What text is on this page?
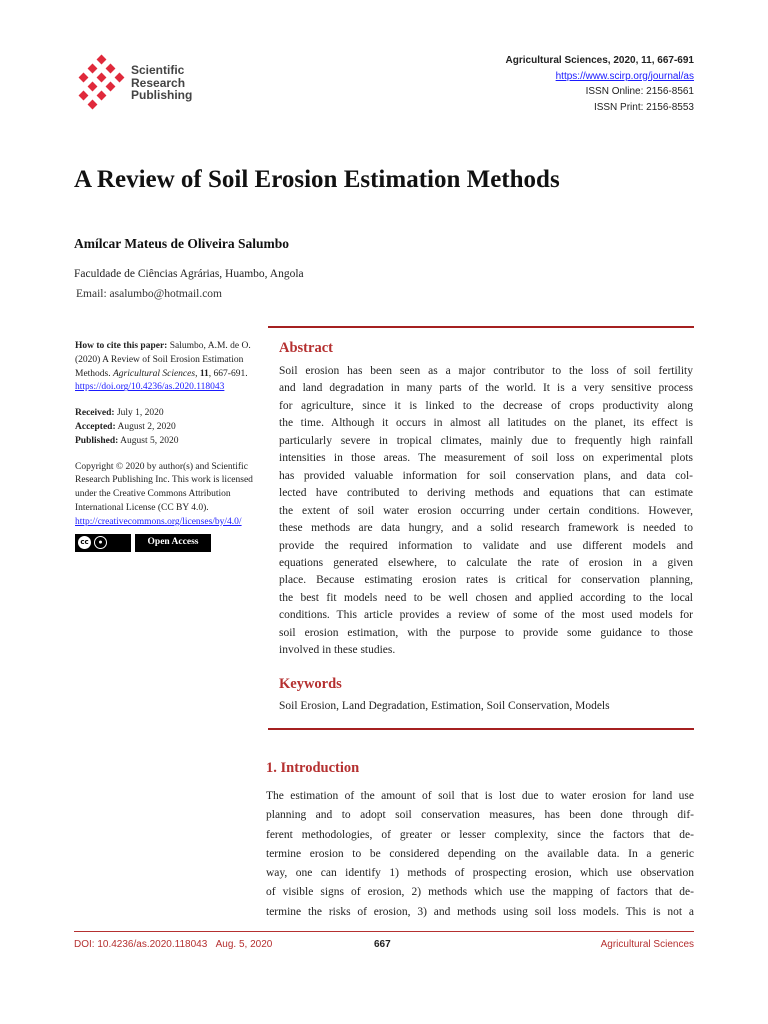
Scientific
Research
Publishing
Agricultural Sciences, 2020, 11, 667-691
https://www.scirp.org/journal/as
ISSN Online: 2156-8561
ISSN Print: 2156-8553
A Review of Soil Erosion Estimation Methods
Amílcar Mateus de Oliveira Salumbo
Faculdade de Ciências Agrárias, Huambo, Angola
Email: asalumbo@hotmail.com
How to cite this paper: Salumbo, A.M. de O. (2020) A Review of Soil Erosion Estimation Methods. Agricultural Sciences, 11, 667-691.
https://doi.org/10.4236/as.2020.118043
Received: July 1, 2020
Accepted: August 2, 2020
Published: August 5, 2020
Copyright © 2020 by author(s) and Scientific Research Publishing Inc. This work is licensed under the Creative Commons Attribution International License (CC BY 4.0).
http://creativecommons.org/licenses/by/4.0/
cc	●	Open Access
Abstract
Soil erosion has been seen as a major contributor to the loss of soil fertility
and land degradation in many parts of the world. It is a very sensitive process
for agriculture, since it is linked to the decrease of crops productivity along
the time. Although it occurs in almost all latitudes on the planet, its effect is
particularly severe in tropical climates, mainly due to frequently high rainfall
intensities in those areas. The measurement of soil loss on experimental plots
has provided valuable information for soil conservation plans, and data col-
lected have contributed to deriving methods and equations that can estimate
the extent of soil water erosion occurring under certain conditions. However,
these methods are data hungry, and a solid research framework is needed to
provide the required information to validate and use different models and
equations generated elsewhere, to calculate the rate of erosion in a given
place. Because estimating erosion rates is critical for conservation planning,
the best fit models need to be well chosen and applied according to the local
conditions. This article provides a review of some of the most used models for
soil erosion estimation, with the purpose to provide some guidance to those
involved in these studies.
Keywords
Soil Erosion, Land Degradation, Estimation, Soil Conservation, Models
1. Introduction
The estimation of the amount of soil that is lost due to water erosion for land use
planning and to adopt soil conservation measures, has been done through dif-
ferent methodologies, of greater or lesser complexity, since the factors that de-
termine erosion to be considered depending on the available data. In a generic
way, one can identify 1) methods of prospecting erosion, which use observation
of visible signs of erosion, 2) methods which use the mapping of factors that de-
termine the risks of erosion, 3) and methods using soil loss models. This is not a
DOI: 10.4236/as.2020.118043 Aug. 5, 2020	667	Agricultural Sciences
